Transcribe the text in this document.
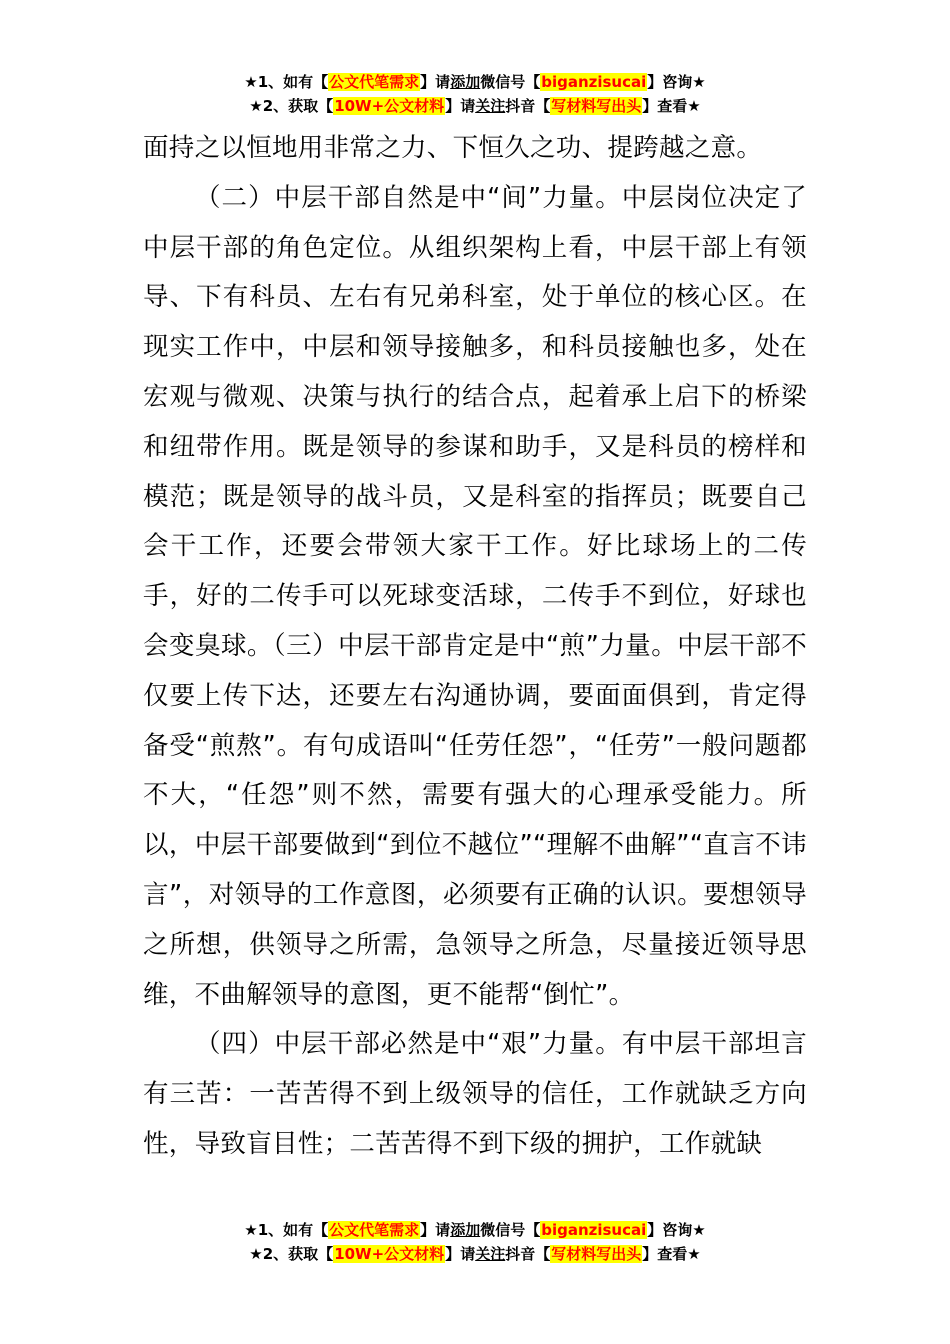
★1、如有【公文代笔需求】请添加微信号【biganzisucai】咨询★
★2、获取【10W+公文材料】请关注抖音【写材料写出头】查看★

面持之以恒地用非常之力、下恒久之功、提跨越之意。

（二）中层干部自然是中“间”力量。中层岗位决定了中层干部的角色定位。从组织架构上看，中层干部上有领导、下有科员、左右有兄弟科室，处于单位的核心区。在现实工作中，中层和领导接触多，和科员接触也多，处在宏观与微观、决策与执行的结合点，起着承上启下的桥梁和纽带作用。既是领导的参谋和助手，又是科员的榜样和模范；既是领导的战斗员，又是科室的指挥员；既要自己会干工作，还要会带领大家干工作。好比球场上的二传手，好的二传手可以死球变活球，二传手不到位，好球也会变臭球。（三）中层干部肯定是中“煎”力量。中层干部不仅要上传下达，还要左右沟通协调，要面面俱到，肯定得备受“煎熬”。有句成语叫“任劳任怨”，“任劳”一般问题都不大，“任怨”则不然，需要有强大的心理承受能力。所以，中层干部要做到“到位不越位”“理解不曲解”“直言不讳言”，对领导的工作意图，必须要有正确的认识。要想领导之所想，供领导之所需，急领导之所急，尽量接近领导思维，不曲解领导的意图，更不能帮“倒忙”。

（四）中层干部必然是中“艰”力量。有中层干部坦言有三苦：一苦苦得不到上级领导的信任，工作就缺乏方向性，导致盲目性；二苦苦得不到下级的拥护，工作就缺

★1、如有【公文代笔需求】请添加微信号【biganzisucai】咨询★
★2、获取【10W+公文材料】请关注抖音【写材料写出头】查看★
